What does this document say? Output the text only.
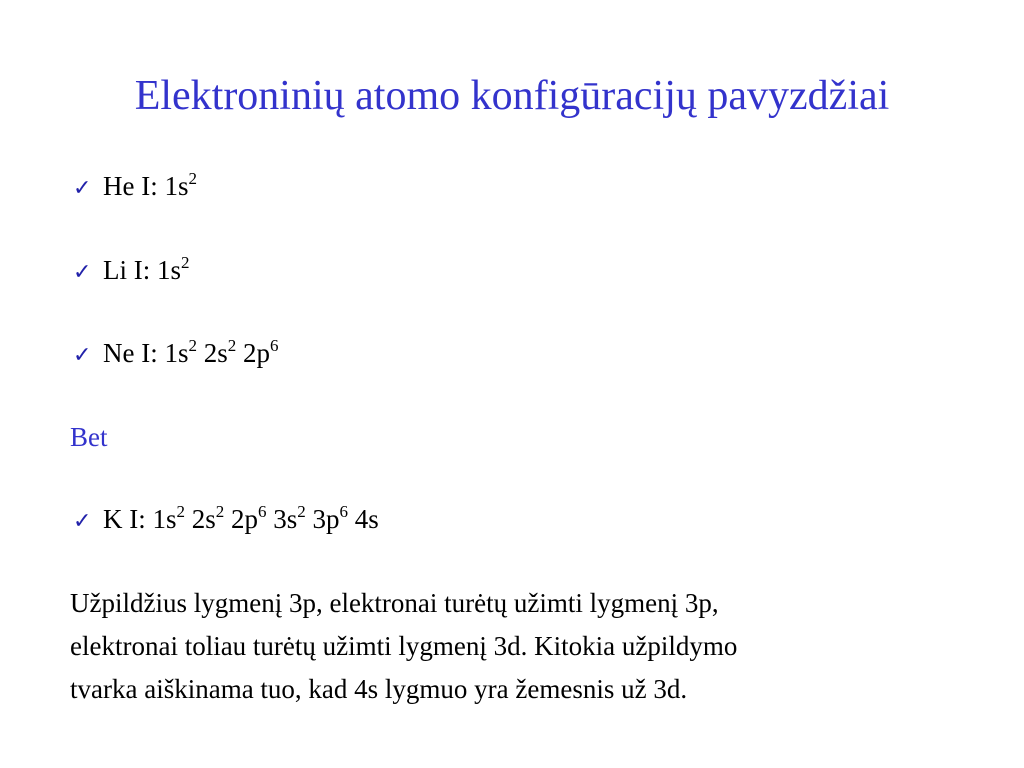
Elektroninių atomo konfigūracijų pavyzdžiai
✓ He I: $1s^2$
✓ Li I: $1s^2$
✓ Ne I: $1s^2$ $2s^2$ $2p^6$
Bet
✓ K I: $1s^2$ $2s^2$ $2p^6$ $3s^2$ $3p^6$ 4s

Užpildžius lygmenį 3p, elektronai turėtų užimti lygmenį 3p,

elektronai toliau turėtų užimti lygmenį 3d. Kitokia užpildymo

tvarka aiškinama tuo, kad 4s lygmuo yra žemesnis už 3d.
